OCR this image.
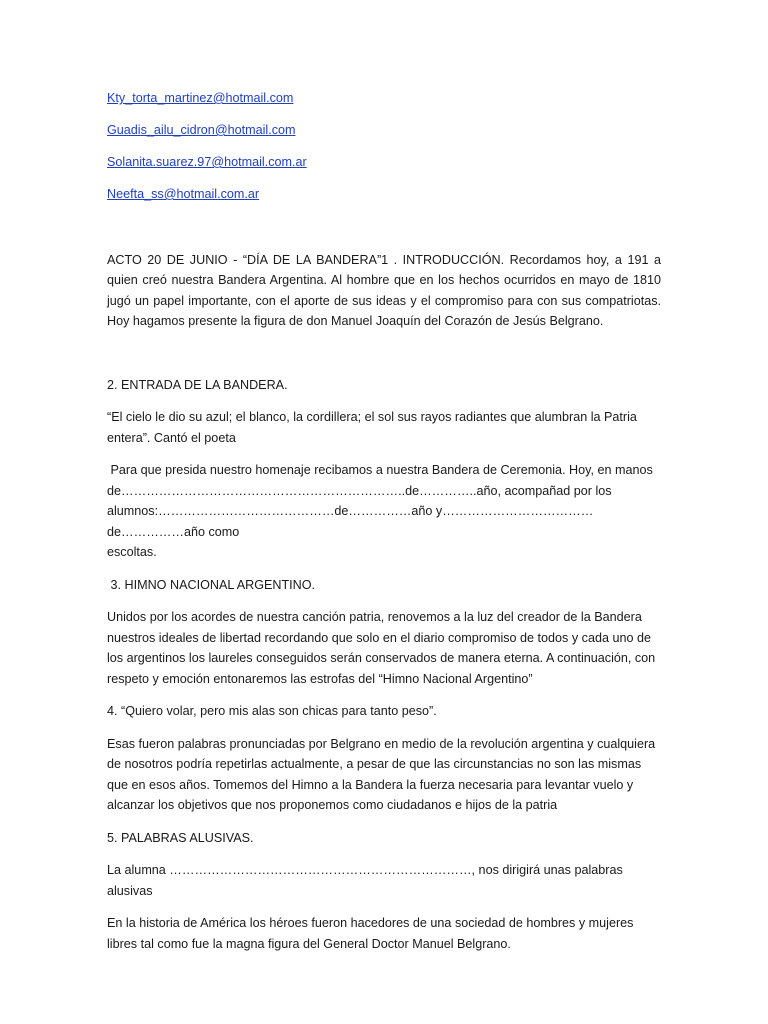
Kty_torta_martinez@hotmail.com

Guadis_ailu_cidron@hotmail.com

Solanita.suarez.97@hotmail.com.ar

Neefta_ss@hotmail.com.ar

ACTO 20 DE JUNIO - “DÍA DE LA BANDERA”1 . INTRODUCCIÓN. Recordamos hoy, a 191 a quien creó nuestra Bandera Argentina. Al hombre que en los hechos ocurridos en mayo de 1810 jugó un papel importante, con el aporte de sus ideas y el compromiso para con sus compatriotas. Hoy hagamos presente la figura de don Manuel Joaquín del Corazón de Jesús Belgrano.

2. ENTRADA DE LA BANDERA.

“El cielo le dio su azul; el blanco, la cordillera; el sol sus rayos radiantes que alumbran la Patria entera”. Cantó el poeta

Para que presida nuestro homenaje recibamos a nuestra Bandera de Ceremonia. Hoy, en manos

de…………………………………………………………..de…………..año, acompañad por los

alumnos:……………………………………de……………año y………………………………de……………año como

escoltas.

3. HIMNO NACIONAL ARGENTINO.

Unidos por los acordes de nuestra canción patria, renovemos a la luz del creador de la Bandera nuestros ideales de libertad recordando que solo en el diario compromiso de todos y cada uno de los argentinos los laureles conseguidos serán conservados de manera eterna. A continuación, con respeto y emoción entonaremos las estrofas del “Himno Nacional Argentino”

4. “Quiero volar, pero mis alas son chicas para tanto peso”.

Esas fueron palabras pronunciadas por Belgrano en medio de la revolución argentina y cualquiera de nosotros podría repetirlas actualmente, a pesar de que las circunstancias no son las mismas que en esos años. Tomemos del Himno a la Bandera la fuerza necesaria para levantar vuelo y alcanzar los objetivos que nos proponemos como ciudadanos e hijos de la patria

5. PALABRAS ALUSIVAS.

La alumna ………………………………………………………………, nos dirigirá unas palabras alusivas

En la historia de América los héroes fueron hacedores de una sociedad de hombres y mujeres libres tal como fue la magna figura del General Doctor Manuel Belgrano.
